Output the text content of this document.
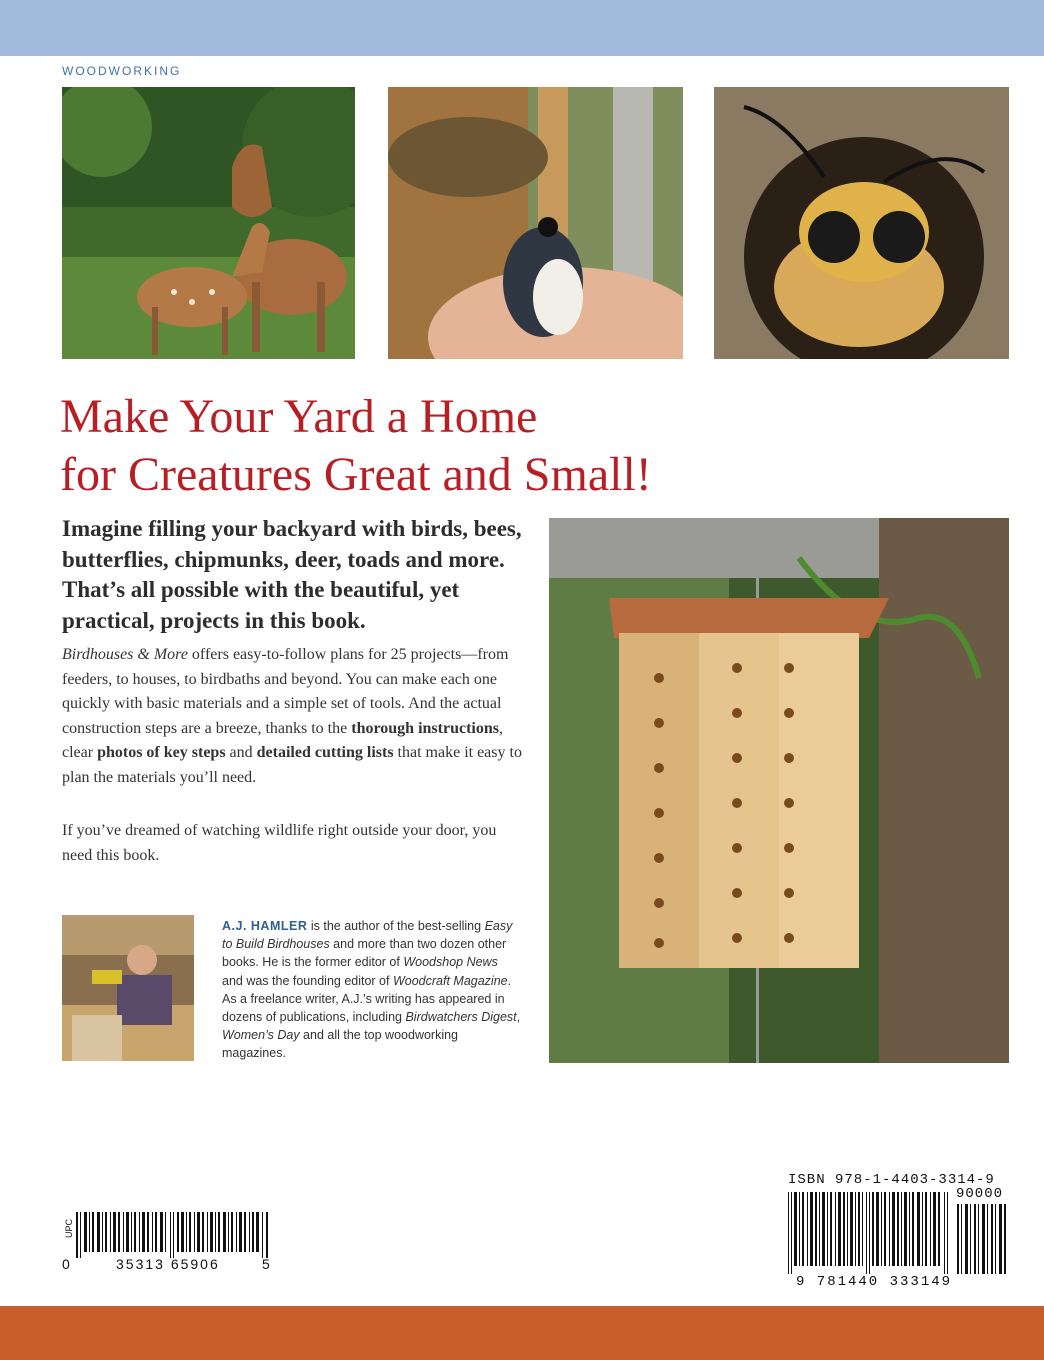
WOODWORKING
Make Your Yard a Home
for Creatures Great and Small!

Imagine filling your backyard with birds, bees, butterflies, chipmunks, deer, toads and more. That’s all possible with the beautiful, yet practical, projects in this book.

Birdhouses & More offers easy-to-follow plans for 25 projects—from feeders, to houses, to birdbaths and beyond. You can make each one quickly with basic materials and a simple set of tools. And the actual construction steps are a breeze, thanks to the thorough instructions, clear photos of key steps and detailed cutting lists that make it easy to plan the materials you’ll need.

If you’ve dreamed of watching wildlife right outside your door, you need this book.

A.J. HAMLER is the author of the best-selling Easy to Build Birdhouses and more than two dozen other books. He is the former editor of Woodshop News and was the founding editor of Woodcraft Magazine. As a freelance writer, A.J.’s writing has appeared in dozens of publications, including Birdwatchers Digest, Women’s Day and all the top woodworking magazines.

UPC
0	35313 65906	5
ISBN 978-1-4403-3314-9
90000
9 781440 333149
